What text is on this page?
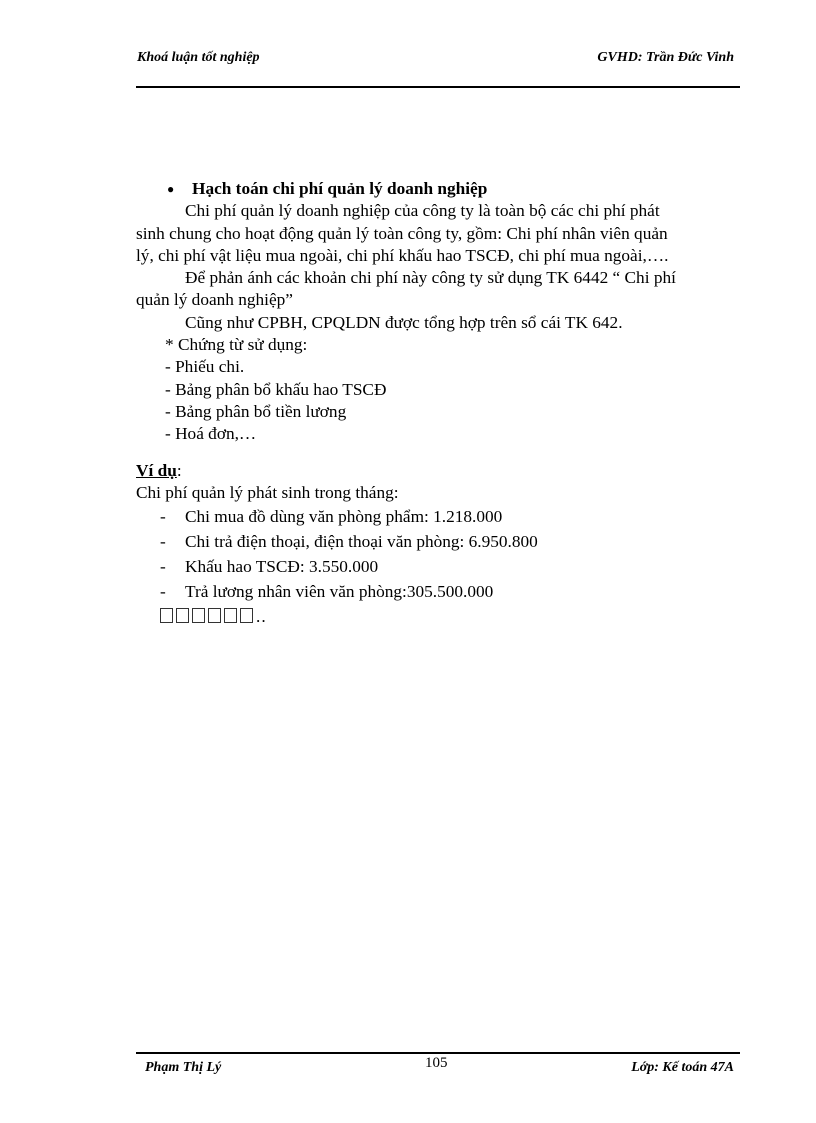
Khoá luận tốt nghiệp	GVHD: Trần Đức Vinh
● Hạch toán chi phí quản lý doanh nghiệp
Chi phí quản lý doanh nghiệp của công ty là toàn bộ các chi phí phát
sinh chung cho hoạt động quản lý toàn công ty, gồm: Chi phí nhân viên quản
lý, chi phí vật liệu mua ngoài, chi phí khấu hao TSCĐ, chi phí mua ngoài,….
Để phản ánh các khoản chi phí này công ty sử dụng TK 6442 “ Chi phí
quản lý doanh nghiệp”
Cũng như CPBH, CPQLDN được tổng hợp trên sổ cái TK 642.
* Chứng từ sử dụng:
- Phiếu chi.
- Bảng phân bổ khấu hao TSCĐ
- Bảng phân bổ tiền lương
- Hoá đơn,…
Ví dụ:
Chi phí quản lý phát sinh trong tháng:
- Chi mua đồ dùng văn phòng phẩm: 1.218.000
- Chi trả điện thoại, điện thoại văn phòng: 6.950.800
- Khấu hao TSCĐ: 3.550.000
- Trả lương nhân viên văn phòng:305.500.000
..
Phạm Thị Lý	105	Lớp: Kế toán 47A
